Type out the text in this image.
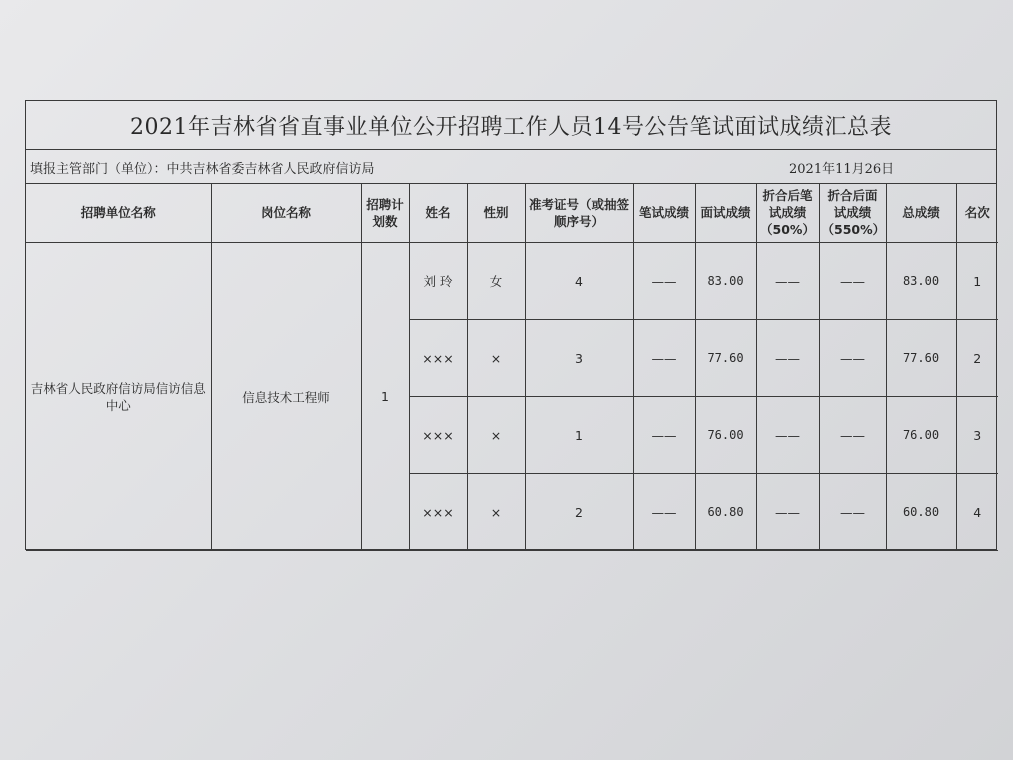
2021年吉林省省直事业单位公开招聘工作人员14号公告笔试面试成绩汇总表
填报主管部门（单位）：中共吉林省委吉林省人民政府信访局	2021年11月26日
招聘单位名称	岗位名称	招聘计划数	姓名	性别	准考证号（或抽签顺序号）	笔试成绩	面试成绩	折合后笔试成绩（50%）	折合后面试成绩（550%）	总成绩	名次
吉林省人民政府信访局信访信息中心	信息技术工程师	1	刘 玲	女	4	——	83.00	——	——	83.00	1
			×××	×	3	——	77.60	——	——	77.60	2
			×××	×	1	——	76.00	——	——	76.00	3
			×××	×	2	——	60.80	——	——	60.80	4
